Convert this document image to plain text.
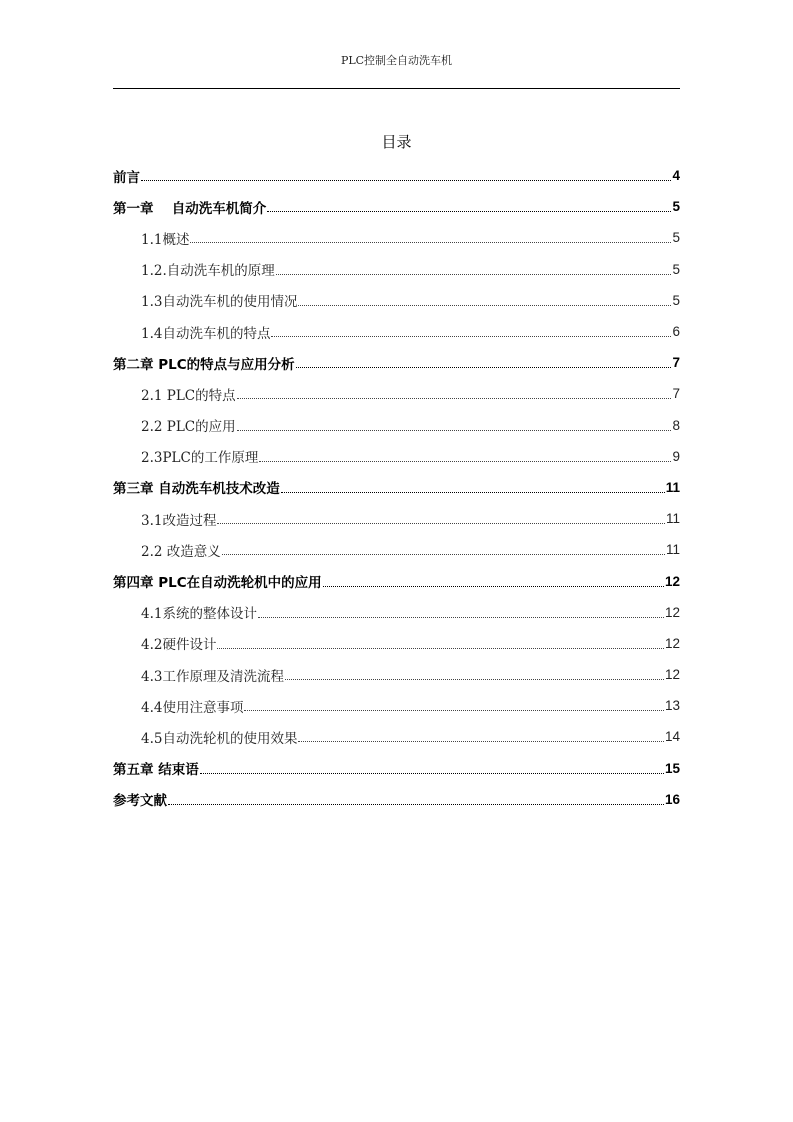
PLC控制全自动洗车机
目录
前言	4
第一章　 自动洗车机简介	5
1.1概述	5
1.2.自动洗车机的原理	5
1.3自动洗车机的使用情况	5
1.4自动洗车机的特点	6
第二章 PLC的特点与应用分析	7
2.1 PLC的特点	7
2.2 PLC的应用	8
2.3PLC的工作原理	9
第三章 自动洗车机技术改造	11
3.1改造过程	11
2.2 改造意义	11
第四章 PLC在自动洗轮机中的应用	12
4.1系统的整体设计	12
4.2硬件设计	12
4.3工作原理及清洗流程	12
4.4使用注意事项	13
4.5自动洗轮机的使用效果	14
第五章 结束语	15
参考文献	16
